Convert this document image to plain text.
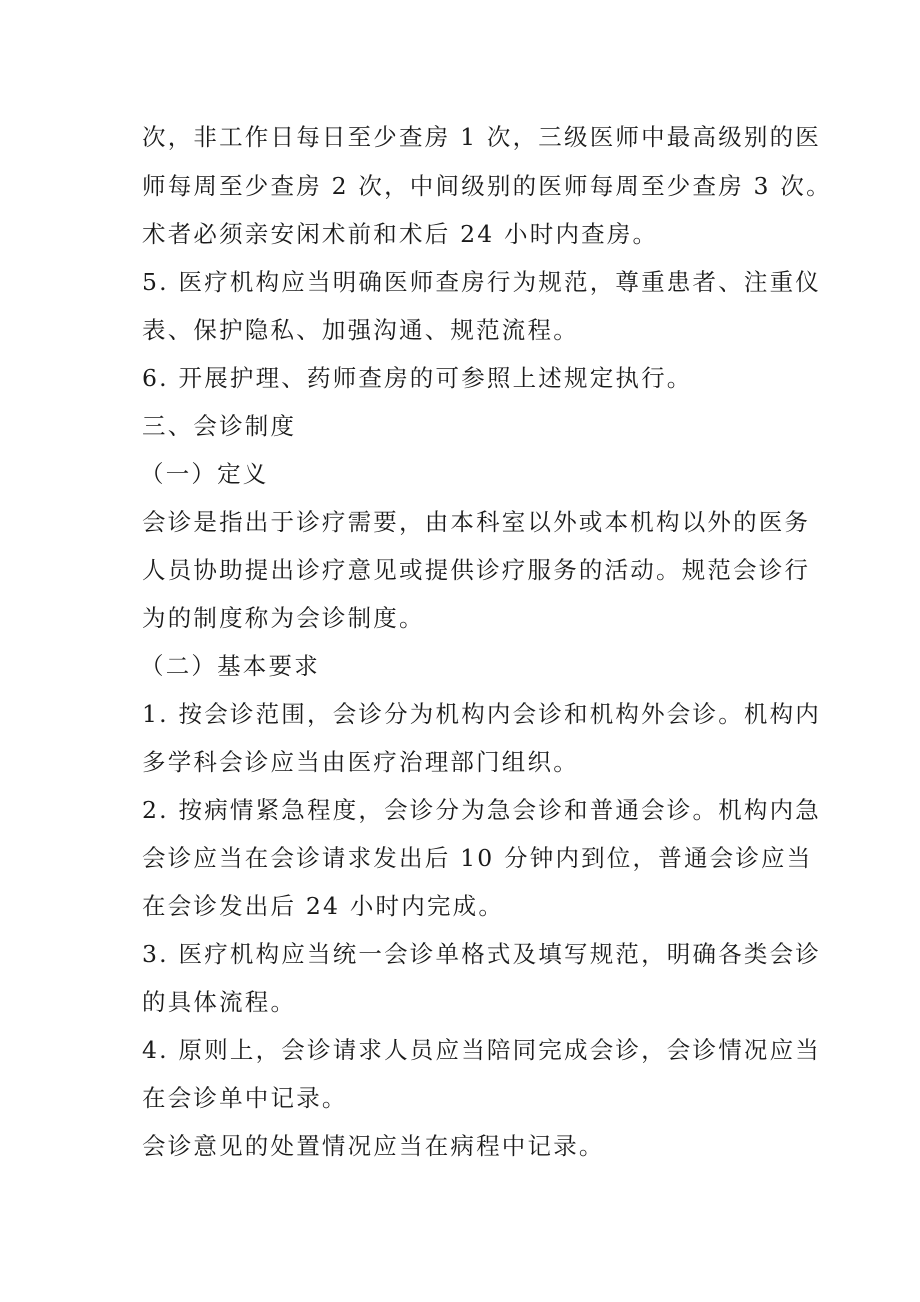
次，非工作日每日至少查房 1 次，三级医师中最高级别的医
师每周至少查房 2 次，中间级别的医师每周至少查房 3 次。
术者必须亲安闲术前和术后 24 小时内查房。
5. 医疗机构应当明确医师查房行为规范，尊重患者、注重仪
表、保护隐私、加强沟通、规范流程。
6. 开展护理、药师查房的可参照上述规定执行。
三、会诊制度
（一）定义
会诊是指出于诊疗需要，由本科室以外或本机构以外的医务
人员协助提出诊疗意见或提供诊疗服务的活动。规范会诊行
为的制度称为会诊制度。
（二）基本要求
1. 按会诊范围，会诊分为机构内会诊和机构外会诊。机构内
多学科会诊应当由医疗治理部门组织。
2. 按病情紧急程度，会诊分为急会诊和普通会诊。机构内急
会诊应当在会诊请求发出后 10 分钟内到位，普通会诊应当
在会诊发出后 24 小时内完成。
3. 医疗机构应当统一会诊单格式及填写规范，明确各类会诊
的具体流程。
4. 原则上，会诊请求人员应当陪同完成会诊，会诊情况应当
在会诊单中记录。
会诊意见的处置情况应当在病程中记录。
